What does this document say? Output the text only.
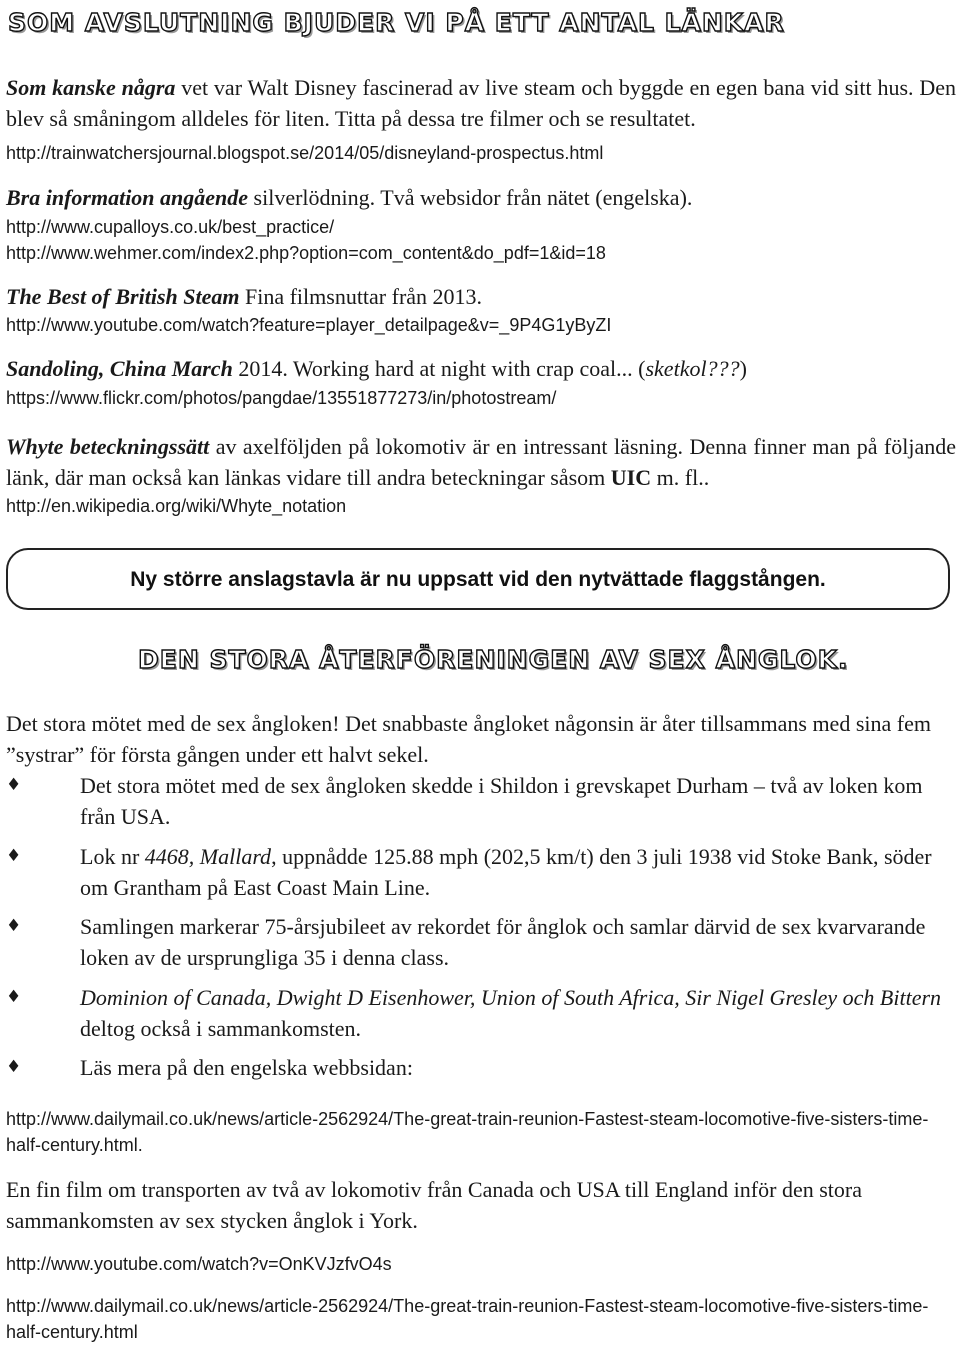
SOM AVSLUTNING BJUDER VI PÅ ETT ANTAL LÄNKAR
Som kanske några vet var Walt Disney fascinerad av live steam och byggde en egen bana vid sitt hus. Den blev så småningom alldeles för liten. Titta på dessa tre filmer och se resultatet.
http://trainwatchersjournal.blogspot.se/2014/05/disneyland-prospectus.html
Bra information angående silverlödning. Två websidor från nätet (engelska).
http://www.cupalloys.co.uk/best_practice/
http://www.wehmer.com/index2.php?option=com_content&do_pdf=1&id=18
The Best of British Steam Fina filmsnuttar från 2013.
http://www.youtube.com/watch?feature=player_detailpage&v=_9P4G1yByZI
Sandoling, China March 2014. Working hard at night with crap coal... (sketkol???)
https://www.flickr.com/photos/pangdae/13551877273/in/photostream/
Whyte beteckningssätt av axelföljden på lokomotiv är en intressant läsning. Denna finner man på följande länk, där man också kan länkas vidare till andra beteckningar såsom UIC m. fl..
http://en.wikipedia.org/wiki/Whyte_notation
Ny större anslagstavla är nu uppsatt vid den nytvättade flaggstången.
DEN STORA ÅTERFÖRENINGEN AV SEX ÅNGLOK.
Det stora mötet med de sex ångloken! Det snabbaste ångloket någonsin är åter tillsammans med sina fem ”systrar” för första gången under ett halvt sekel.
♦	Det stora mötet med de sex ångloken skedde i Shildon i grevskapet Durham – två av loken kom från USA.
♦	Lok nr 4468, Mallard, uppnådde 125.88 mph (202,5 km/t) den 3 juli 1938 vid Stoke Bank, söder om Grantham på East Coast Main Line.
♦	Samlingen markerar 75-årsjubileet av rekordet för ånglok och samlar därvid de sex kvarvarande loken av de ursprungliga 35 i denna class.
♦	Dominion of Canada, Dwight D Eisenhower, Union of South Africa, Sir Nigel Gresley och Bittern deltog också i sammankomsten.
♦	Läs mera på den engelska webbsidan:
http://www.dailymail.co.uk/news/article-2562924/The-great-train-reunion-Fastest-steam-locomotive-five-sisters-time-half-century.html.
En fin film om transporten av två av lokomotiv från Canada och USA till England inför den stora sammankomsten av sex stycken ånglok i York.
http://www.youtube.com/watch?v=OnKVJzfvO4s
http://www.dailymail.co.uk/news/article-2562924/The-great-train-reunion-Fastest-steam-locomotive-five-sisters-time-half-century.html
